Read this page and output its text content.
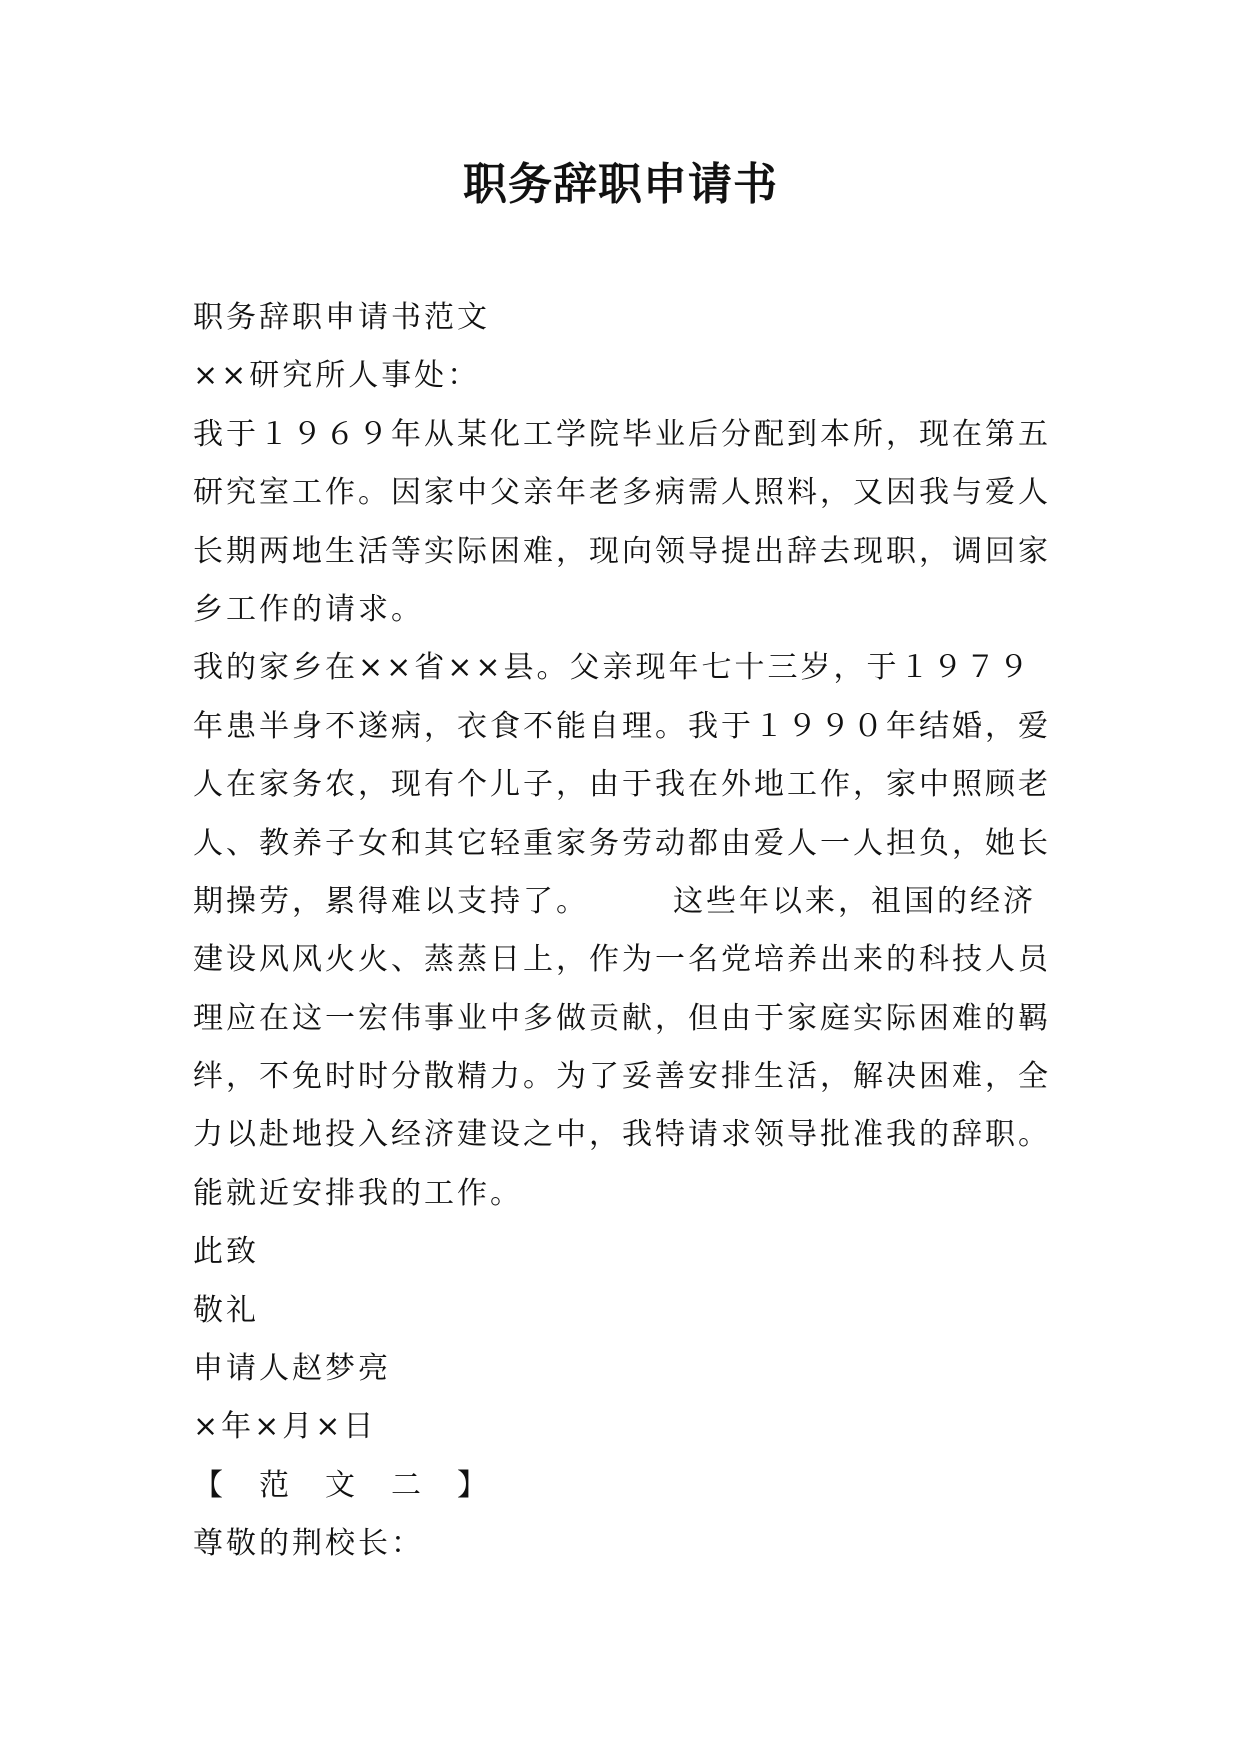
职务辞职申请书
职务辞职申请书范文
××研究所人事处：
我于１９６９年从某化工学院毕业后分配到本所，现在第五
研究室工作。因家中父亲年老多病需人照料，又因我与爱人
长期两地生活等实际困难，现向领导提出辞去现职，调回家
乡工作的请求。
我的家乡在××省××县。父亲现年七十三岁，于１９７９
年患半身不遂病，衣食不能自理。我于１９９０年结婚，爱
人在家务农，现有个儿子，由于我在外地工作，家中照顾老
人、教养子女和其它轻重家务劳动都由爱人一人担负，她长
期操劳，累得难以支持了。　　　这些年以来，祖国的经济
建设风风火火、蒸蒸日上，作为一名党培养出来的科技人员
理应在这一宏伟事业中多做贡献，但由于家庭实际困难的羁
绊，不免时时分散精力。为了妥善安排生活，解决困难，全
力以赴地投入经济建设之中，我特请求领导批准我的辞职。
能就近安排我的工作。
此致
敬礼
申请人赵梦亮
×年×月×日
【　范　文　二　】
尊敬的荆校长：
